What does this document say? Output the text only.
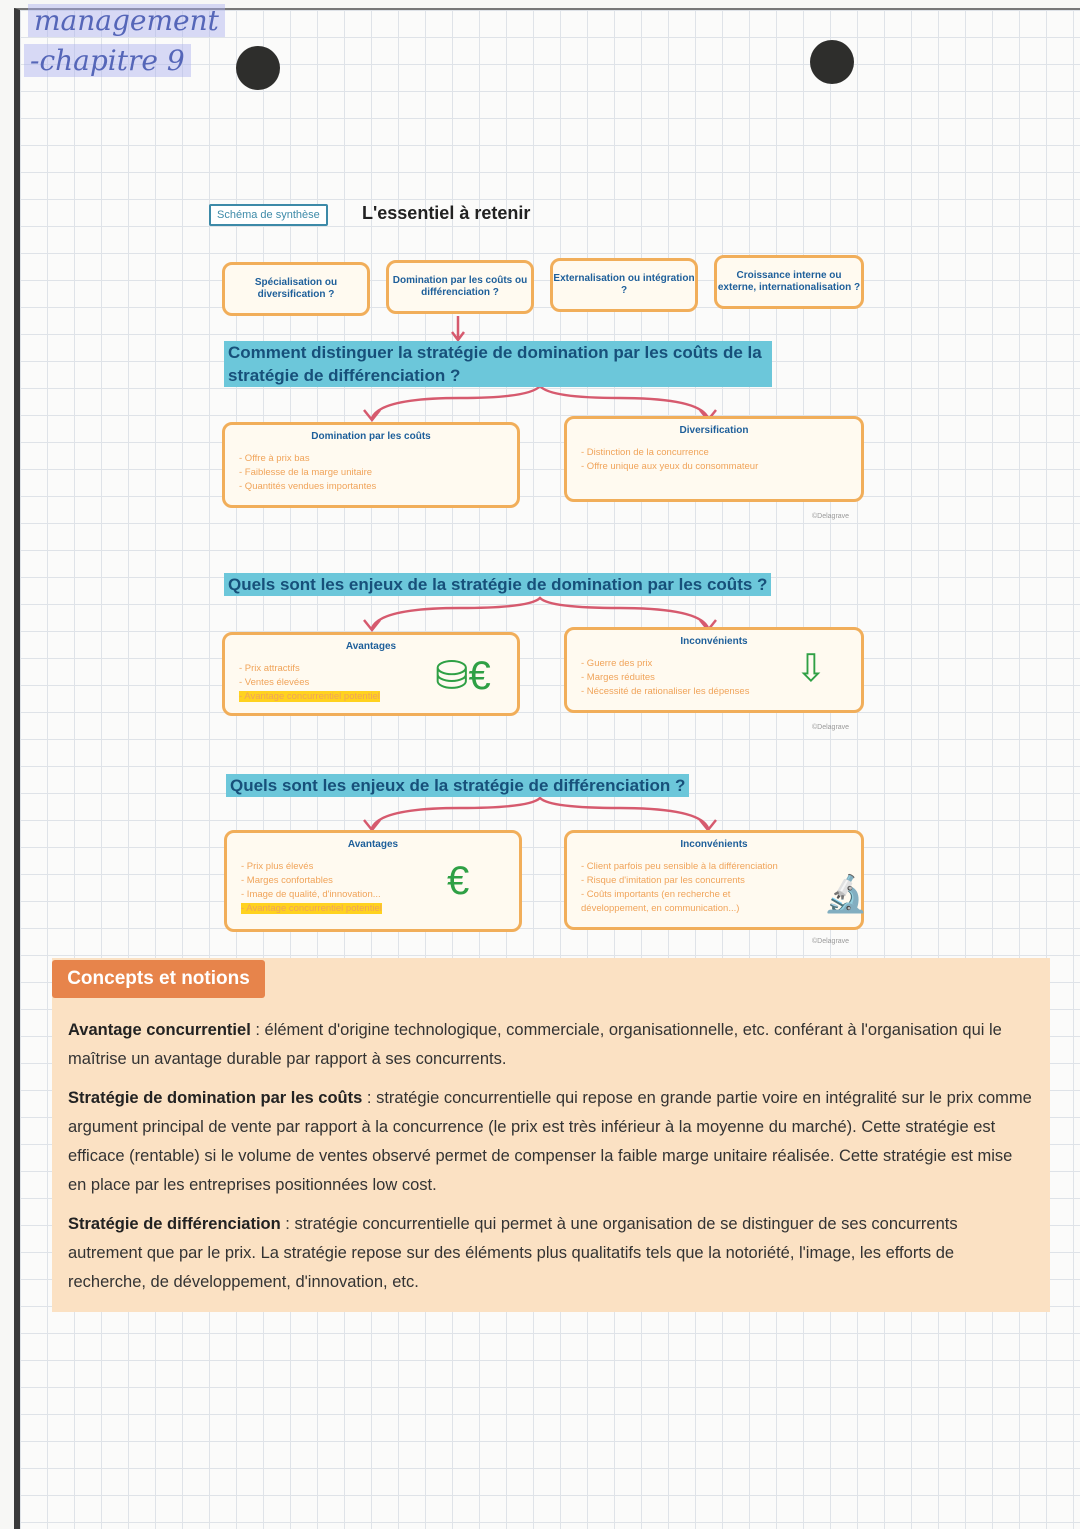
management
-chapitre 9
Schéma de synthèse	L'essentiel à retenir
Spécialisation ou diversification ?
Domination par les coûts ou différenciation ?
Externalisation ou intégration ?
Croissance interne ou externe, internationalisation ?
Comment distinguer la stratégie de domination par les coûts de la stratégie de différenciation ?
Domination par les coûts
- Offre à prix bas
- Faiblesse de la marge unitaire
- Quantités vendues importantes
Diversification
- Distinction de la concurrence
- Offre unique aux yeux du consommateur
©Delagrave
Quels sont les enjeux de la stratégie de domination par les coûts ?
Avantages
- Prix attractifs
- Ventes élevées
- Avantage concurrentiel potentiel	⛁€
Inconvénients
- Guerre des prix
- Marges réduites
- Nécessité de rationaliser les dépenses
⇩
©Delagrave
Quels sont les enjeux de la stratégie de différenciation ?
Avantages
- Prix plus élevés
- Marges confortables
- Image de qualité, d'innovation...
- Avantage concurrentiel potentiel
€
Inconvénients
- Client parfois peu sensible à la différenciation
- Risque d'imitation par les concurrents
- Coûts importants (en recherche et
développement, en communication...)	🔬
©Delagrave
Concepts et notions
Avantage concurrentiel : élément d'origine technologique, commerciale, organisationnelle, etc. conférant à l'organisation qui le maîtrise un avantage durable par rapport à ses concurrents.
Stratégie de domination par les coûts : stratégie concurrentielle qui repose en grande partie voire en intégralité sur le prix comme argument principal de vente par rapport à la concurrence (le prix est très inférieur à la moyenne du marché). Cette stratégie est efficace (rentable) si le volume de ventes observé permet de compenser la faible marge unitaire réalisée. Cette stratégie est mise en place par les entreprises positionnées low cost.
Stratégie de différenciation : stratégie concurrentielle qui permet à une organisation de se distinguer de ses concurrents autrement que par le prix. La stratégie repose sur des éléments plus qualitatifs tels que la notoriété, l'image, les efforts de recherche, de développement, d'innovation, etc.
